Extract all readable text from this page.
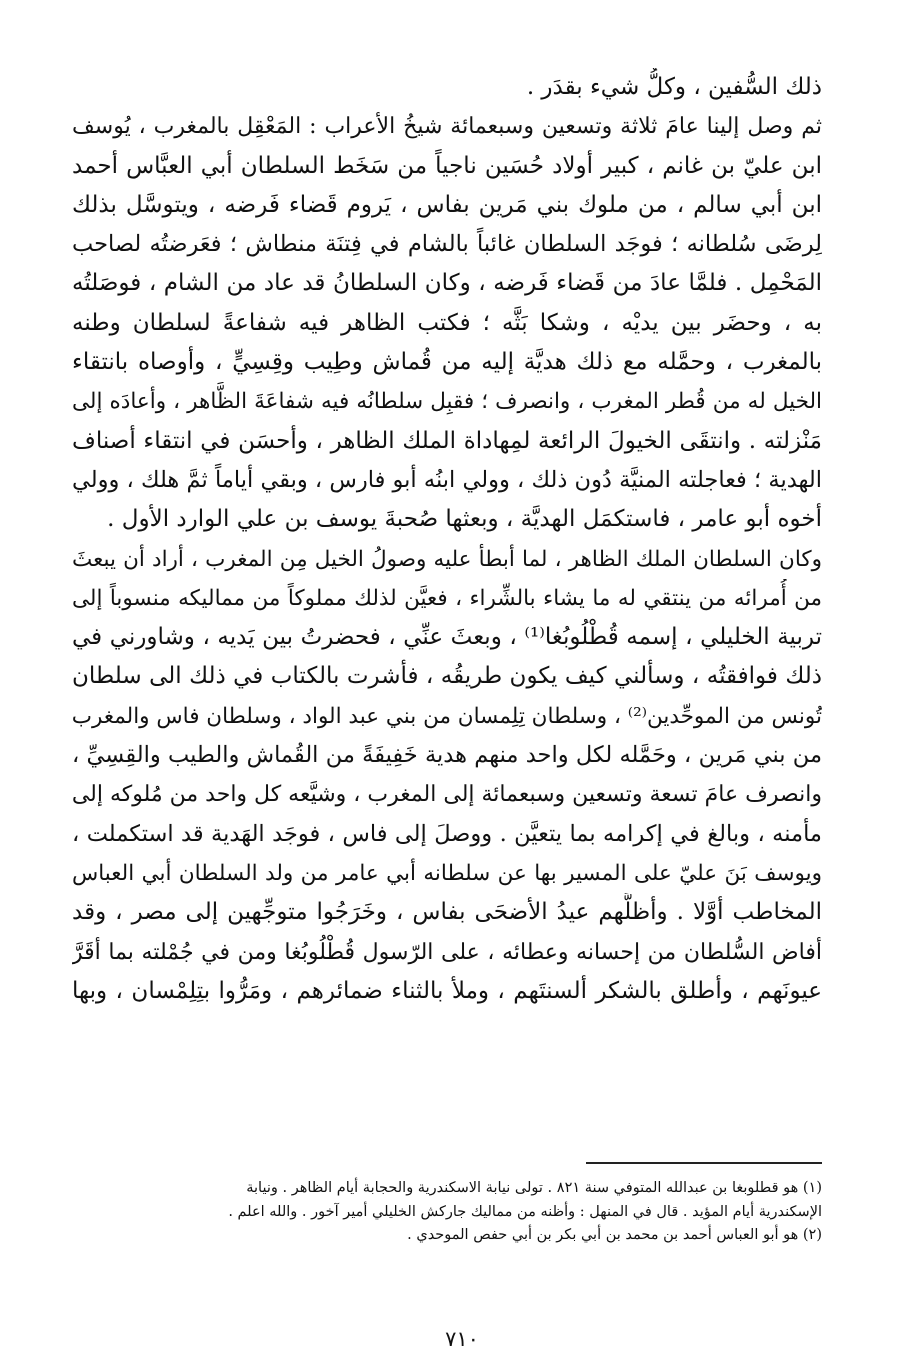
ذلك السُّفين ، وكلُّ شيء بقدَر .
ثم وصل إلينا عامَ ثلاثة وتسعين وسبعمائة شيخُ الأعراب : المَعْقِل بالمغرب ، يُوسف
ابن عليّ بن غانم ، كبير أولاد حُسَين ناجياً من سَخَط السلطان أبي العبَّاس أحمد
ابن أبي سالم ، من ملوك بني مَرين بفاس ، يَروم قَضاء فَرضه ، ويتوسَّل بذلك
لِرضَى سُلطانه ؛ فوجَد السلطان غائباً بالشام في فِتنَة منطاش ؛ فعَرضتُه لصاحب
المَحْمِل . فلمَّا عادَ من قَضاء فَرضه ، وكان السلطانُ قد عاد من الشام ، فوصَلتُه
به ، وحضَر بين يديْه ، وشكا بَثَّه ؛ فكتب الظاهر فيه شفاعةً لسلطان وطنه
بالمغرب ، وحمَّله مع ذلك هديَّة إليه من قُماش وطِيب وقِسِيٍّ ، وأوصاه بانتقاء
الخيل له من قُطر المغرب ، وانصرف ؛ فقبِل سلطانُه فيه شفاعَةَ الظَّاهر ، وأعادَه إلى
مَنْزلته . وانتقَى الخيولَ الرائعة لمِهاداة الملك الظاهر ، وأحسَن في انتقاء أصناف
الهدية ؛ فعاجلته المنيَّة دُون ذلك ، وولي ابنُه أبو فارس ، وبقي أياماً ثمَّ هلك ، وولي
أخوه أبو عامر ، فاستكمَل الهديَّة ، وبعثها صُحبةَ يوسف بن علي الوارد الأول .
وكان السلطان الملك الظاهر ، لما أبطأ عليه وصولُ الخيل مِن المغرب ، أراد أن يبعثَ
من أُمرائه من ينتقي له ما يشاء بالشِّراء ، فعيَّن لذلك مملوكاً من مماليكه منسوباً إلى
تربية الخليلي ، إسمه قُطْلُوبُغا⁽¹⁾ ، وبعثَ عنِّي ، فحضرتُ بين يَديه ، وشاورني في
ذلك فوافقتُه ، وسألني كيف يكون طريقُه ، فأشرت بالكتاب في ذلك الى سلطان
تُونس من الموحِّدين⁽²⁾ ، وسلطان تِلِمسان من بني عبد الواد ، وسلطان فاس والمغرب
من بني مَرين ، وحَمَّله لكل واحد منهم هدية خَفِيفَةً من القُماش والطيب والقِسِيِّ ،
وانصرف عامَ تسعة وتسعين وسبعمائة إلى المغرب ، وشيَّعه كل واحد من مُلوكه إلى
مأمنه ، وبالغ في إكرامه بما يتعيَّن . ووصلَ إلى فاس ، فوجَد الهَدية قد استكملت ،
ويوسف بَنَ عليّ على المسير بها عن سلطانه أبي عامر من ولد السلطان أبي العباس
المخاطب أوَّلا . وأظلَّهم عيدُ الأضحَى بفاس ، وخَرَجُوا متوجِّهين إلى مصر ، وقد
أفاض السُّلطان من إحسانه وعطائه ، على الرّسول قُطْلُوبُغا ومن في جُمْلته بما أقَرَّ
عيونَهم ، وأطلق بالشكر ألسنتَهم ، وملأ بالثناء ضمائرهم ، ومَرُّوا بتِلِمْسان ، وبها
(١) هو قطلوبغا بن عبدالله المتوفي سنة ٨٢١ . تولى نيابة الاسكندرية والحجابة أيام الظاهر . ونيابة
الإسكندرية أيام المؤيد . قال في المنهل : وأظنه من مماليك جاركش الخليلي أمير آخور . والله اعلم .
(٢) هو أبو العباس أحمد بن محمد بن أبي بكر بن أبي حفص الموحدي .
٧١٠
